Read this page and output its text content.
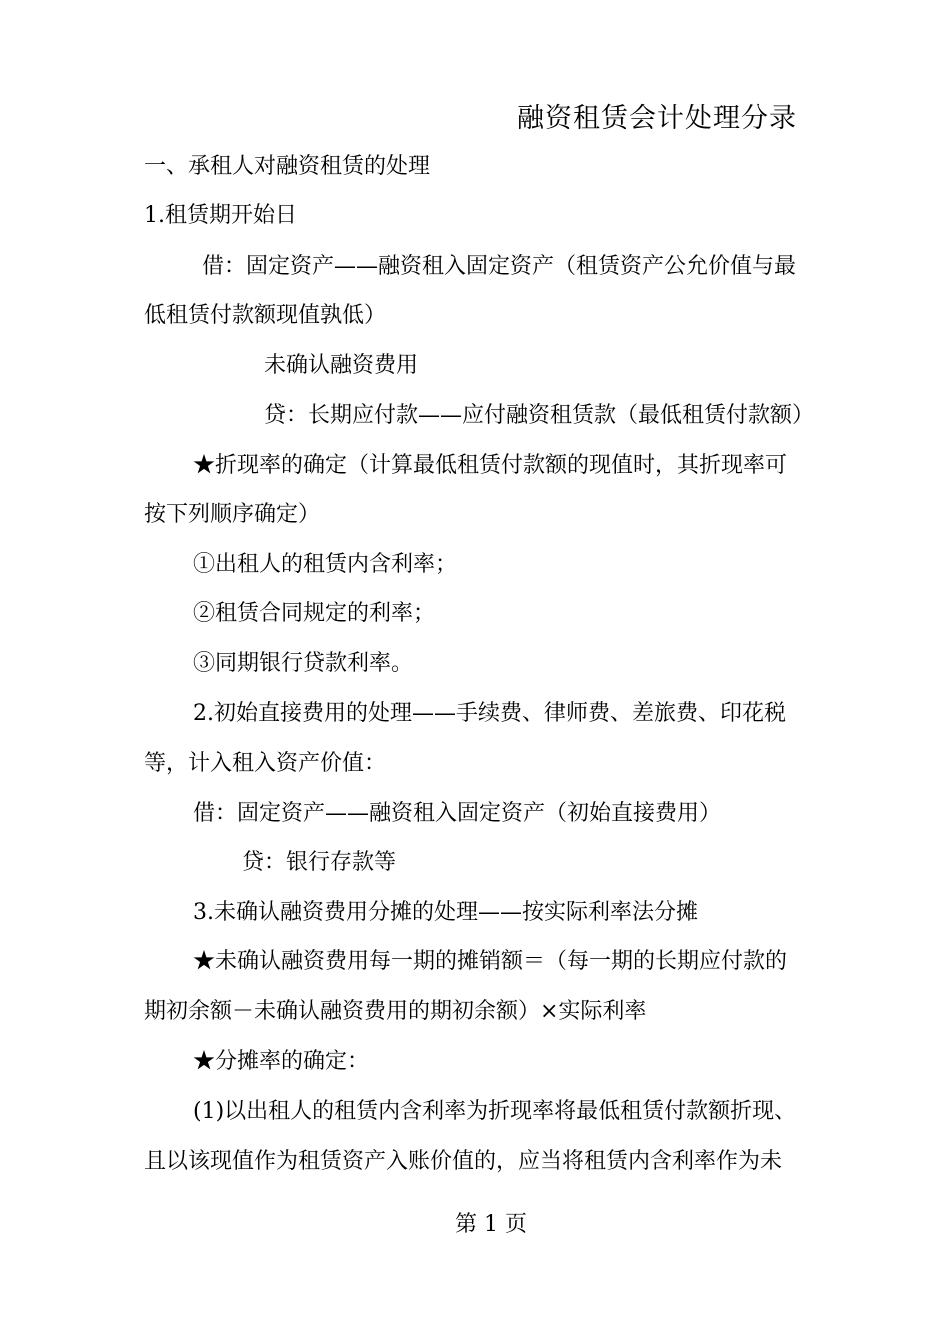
融资租赁会计处理分录
一、承租人对融资租赁的处理
1.租赁期开始日
借：固定资产——融资租入固定资产（租赁资产公允价值与最
低租赁付款额现值孰低）
未确认融资费用
贷：长期应付款——应付融资租赁款（最低租赁付款额）
★折现率的确定（计算最低租赁付款额的现值时，其折现率可
按下列顺序确定）
①出租人的租赁内含利率；
②租赁合同规定的利率；
③同期银行贷款利率。
2.初始直接费用的处理——手续费、律师费、差旅费、印花税
等，计入租入资产价值：
借：固定资产——融资租入固定资产（初始直接费用）
贷：银行存款等
3.未确认融资费用分摊的处理——按实际利率法分摊
★未确认融资费用每一期的摊销额＝（每一期的长期应付款的
期初余额－未确认融资费用的期初余额）×实际利率
★分摊率的确定：
(1)以出租人的租赁内含利率为折现率将最低租赁付款额折现、
且以该现值作为租赁资产入账价值的，应当将租赁内含利率作为未
第 1 页
